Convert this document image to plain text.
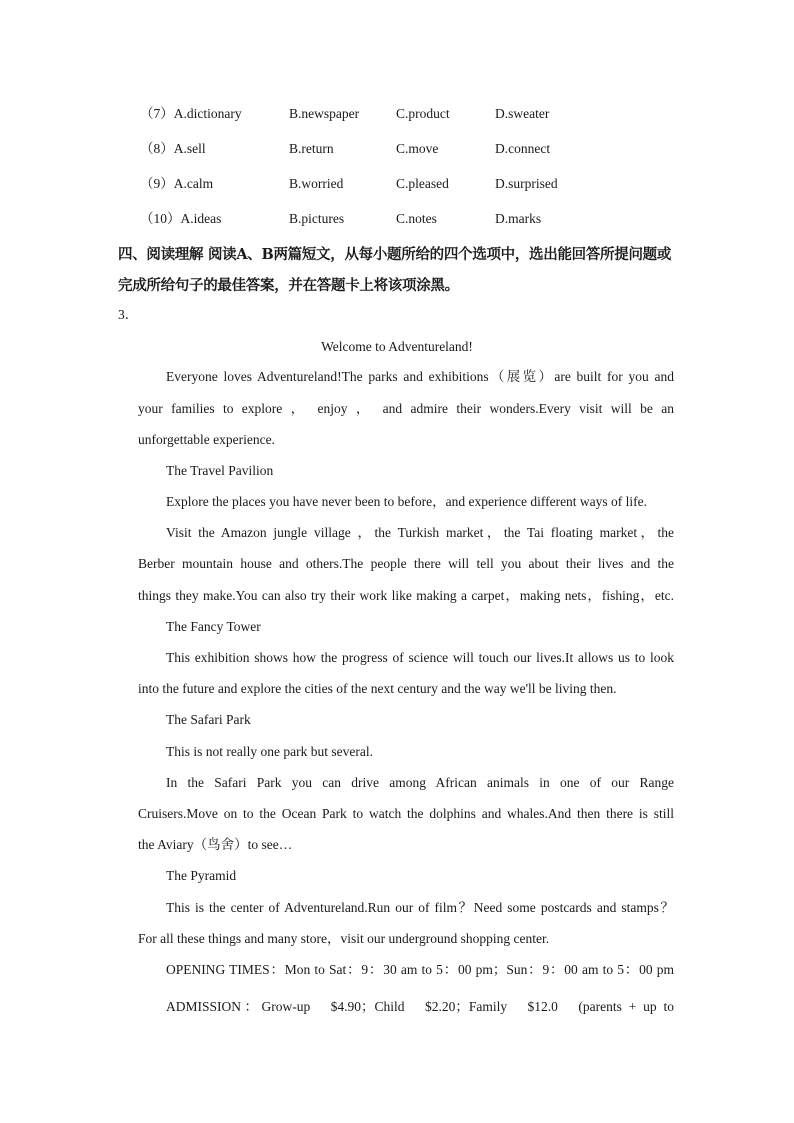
（7）A.dictionary	B.newspaper	C.product	D.sweater
（8）A.sell	B.return	C.move	D.connect
（9）A.calm	B.worried	C.pleased	D.surprised
（10）A.ideas	B.pictures	C.notes	D.marks
四、阅读理解 阅读A、B两篇短文，从每小题所给的四个选项中，选出能回答所提问题或完成所给句子的最佳答案，并在答题卡上将该项涂黑。
3．
Welcome to Adventureland!
Everyone loves Adventureland!The parks and exhibitions（展览）are built for you and
your families to explore ， enjoy ， and admire their wonders.Every visit will be an
unforgettable experience.
The Travel Pavilion
Explore the places you have never been to before，and experience different ways of life.
Visit the Amazon jungle village ，the Turkish market，the Tai floating market，the
Berber mountain house and others.The people there will tell you about their lives and the
things they make.You can also try their work like making a carpet，making nets，fishing，etc.
The Fancy Tower
This exhibition shows how the progress of science will touch our lives.It allows us to look
into the future and explore the cities of the next century and the way we'll be living then.
The Safari Park
This is not really one park but several.
In the Safari Park you can drive among African animals in one of our Range
Cruisers.Move on to the Ocean Park to watch the dolphins and whales.And then there is still
the Aviary（鸟舍）to see…
The Pyramid
This is the center of Adventureland.Run our of film？Need some postcards and stamps？
For all these things and many store，visit our underground shopping center.
OPENING TIMES：Mon to Sat：9：30 am to 5：00 pm；Sun：9：00 am to 5：00 pm
ADMISSION：Grow-up　$4.90；Child　$2.20；Family　$12.0　(parents + up to
